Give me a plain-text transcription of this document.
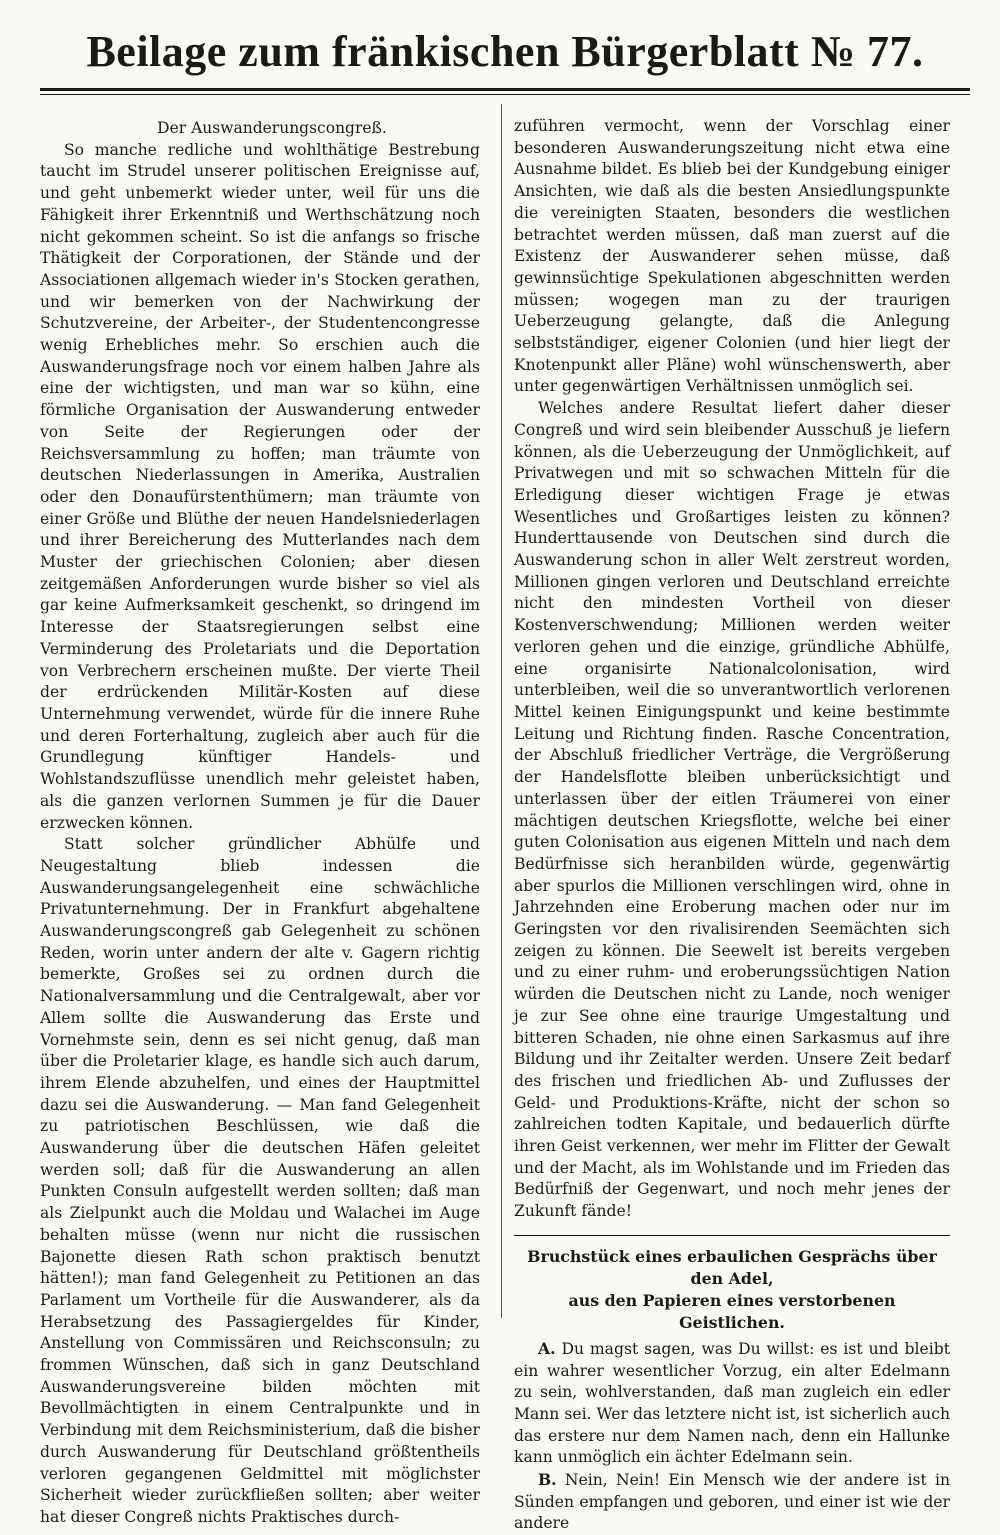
Beilage zum fränkischen Bürgerblatt № 77.

Der Auswanderungscongreß.

So manche redliche und wohlthätige Bestrebung taucht im Strudel unserer politischen Ereignisse auf, und geht unbemerkt wieder unter, weil für uns die Fähigkeit ihrer Erkenntniß und Werthschätzung noch nicht gekommen scheint. So ist die anfangs so frische Thätigkeit der Corporationen, der Stände und der Associationen allgemach wieder in's Stocken gerathen, und wir bemerken von der Nachwirkung der Schutzvereine, der Arbeiter-, der Studentencongresse wenig Erhebliches mehr. So erschien auch die Auswanderungsfrage noch vor einem halben Jahre als eine der wichtigsten, und man war so kühn, eine förmliche Organisation der Auswanderung entweder von Seite der Regierungen oder der Reichsversammlung zu hoffen; man träumte von deutschen Niederlassungen in Amerika, Australien oder den Donaufürstenthümern; man träumte von einer Größe und Blüthe der neuen Handelsniederlagen und ihrer Bereicherung des Mutterlandes nach dem Muster der griechischen Colonien; aber diesen zeitgemäßen Anforderungen wurde bisher so viel als gar keine Aufmerksamkeit geschenkt, so dringend im Interesse der Staatsregierungen selbst eine Verminderung des Proletariats und die Deportation von Verbrechern erscheinen mußte. Der vierte Theil der erdrückenden Militär-Kosten auf diese Unternehmung verwendet, würde für die innere Ruhe und deren Forterhaltung, zugleich aber auch für die Grundlegung künftiger Handels- und Wohlstandszuflüsse unendlich mehr geleistet haben, als die ganzen verlornen Summen je für die Dauer erzwecken können.

Statt solcher gründlicher Abhülfe und Neugestaltung blieb indessen die Auswanderungsangelegenheit eine schwächliche Privatunternehmung. Der in Frankfurt abgehaltene Auswanderungscongreß gab Gelegenheit zu schönen Reden, worin unter andern der alte v. Gagern richtig bemerkte, Großes sei zu ordnen durch die Nationalversammlung und die Centralgewalt, aber vor Allem sollte die Auswanderung das Erste und Vornehmste sein, denn es sei nicht genug, daß man über die Proletarier klage, es handle sich auch darum, ihrem Elende abzuhelfen, und eines der Hauptmittel dazu sei die Auswanderung. — Man fand Gelegenheit zu patriotischen Beschlüssen, wie daß die Auswanderung über die deutschen Häfen geleitet werden soll; daß für die Auswanderung an allen Punkten Consuln aufgestellt werden sollten; daß man als Zielpunkt auch die Moldau und Walachei im Auge behalten müsse (wenn nur nicht die russischen Bajonette diesen Rath schon praktisch benutzt hätten!); man fand Gelegenheit zu Petitionen an das Parlament um Vortheile für die Auswanderer, als da Herabsetzung des Passagiergeldes für Kinder, Anstellung von Commissären und Reichsconsuln; zu frommen Wünschen, daß sich in ganz Deutschland Auswanderungsvereine bilden möchten mit Bevollmächtigten in einem Centralpunkte und in Verbindung mit dem Reichsministerium, daß die bisher durch Auswanderung für Deutschland größtentheils verloren gegangenen Geldmittel mit möglichster Sicherheit wieder zurückfließen sollten; aber weiter hat dieser Congreß nichts Praktisches durch-

zuführen vermocht, wenn der Vorschlag einer besonderen Auswanderungszeitung nicht etwa eine Ausnahme bildet. Es blieb bei der Kundgebung einiger Ansichten, wie daß als die besten Ansiedlungspunkte die vereinigten Staaten, besonders die westlichen betrachtet werden müssen, daß man zuerst auf die Existenz der Auswanderer sehen müsse, daß gewinnsüchtige Spekulationen abgeschnitten werden müssen; wogegen man zu der traurigen Ueberzeugung gelangte, daß die Anlegung selbstständiger, eigener Colonien (und hier liegt der Knotenpunkt aller Pläne) wohl wünschenswerth, aber unter gegenwärtigen Verhältnissen unmöglich sei.

Welches andere Resultat liefert daher dieser Congreß und wird sein bleibender Ausschuß je liefern können, als die Ueberzeugung der Unmöglichkeit, auf Privatwegen und mit so schwachen Mitteln für die Erledigung dieser wichtigen Frage je etwas Wesentliches und Großartiges leisten zu können? Hunderttausende von Deutschen sind durch die Auswanderung schon in aller Welt zerstreut worden, Millionen gingen verloren und Deutschland erreichte nicht den mindesten Vortheil von dieser Kostenverschwendung; Millionen werden weiter verloren gehen und die einzige, gründliche Abhülfe, eine organisirte Nationalcolonisation, wird unterbleiben, weil die so unverantwortlich verlorenen Mittel keinen Einigungspunkt und keine bestimmte Leitung und Richtung finden. Rasche Concentration, der Abschluß friedlicher Verträge, die Vergrößerung der Handelsflotte bleiben unberücksichtigt und unterlassen über der eitlen Träumerei von einer mächtigen deutschen Kriegsflotte, welche bei einer guten Colonisation aus eigenen Mitteln und nach dem Bedürfnisse sich heranbilden würde, gegenwärtig aber spurlos die Millionen verschlingen wird, ohne in Jahrzehnden eine Eroberung machen oder nur im Geringsten vor den rivalisirenden Seemächten sich zeigen zu können. Die Seewelt ist bereits vergeben und zu einer ruhm- und eroberungssüchtigen Nation würden die Deutschen nicht zu Lande, noch weniger je zur See ohne eine traurige Umgestaltung und bitteren Schaden, nie ohne einen Sarkasmus auf ihre Bildung und ihr Zeitalter werden. Unsere Zeit bedarf des frischen und friedlichen Ab- und Zuflusses der Geld- und Produktions-Kräfte, nicht der schon so zahlreichen todten Kapitale, und bedauerlich dürfte ihren Geist verkennen, wer mehr im Flitter der Gewalt und der Macht, als im Wohlstande und im Frieden das Bedürfniß der Gegenwart, und noch mehr jenes der Zukunft fände!

Bruchstück eines erbaulichen Gesprächs über den Adel,
aus den Papieren eines verstorbenen Geistlichen.

A. Du magst sagen, was Du willst: es ist und bleibt ein wahrer wesentlicher Vorzug, ein alter Edelmann zu sein, wohlverstanden, daß man zugleich ein edler Mann sei. Wer das letztere nicht ist, ist sicherlich auch das erstere nur dem Namen nach, denn ein Hallunke kann unmöglich ein ächter Edelmann sein.

B. Nein, Nein! Ein Mensch wie der andere ist in Sünden empfangen und geboren, und einer ist wie der andere
